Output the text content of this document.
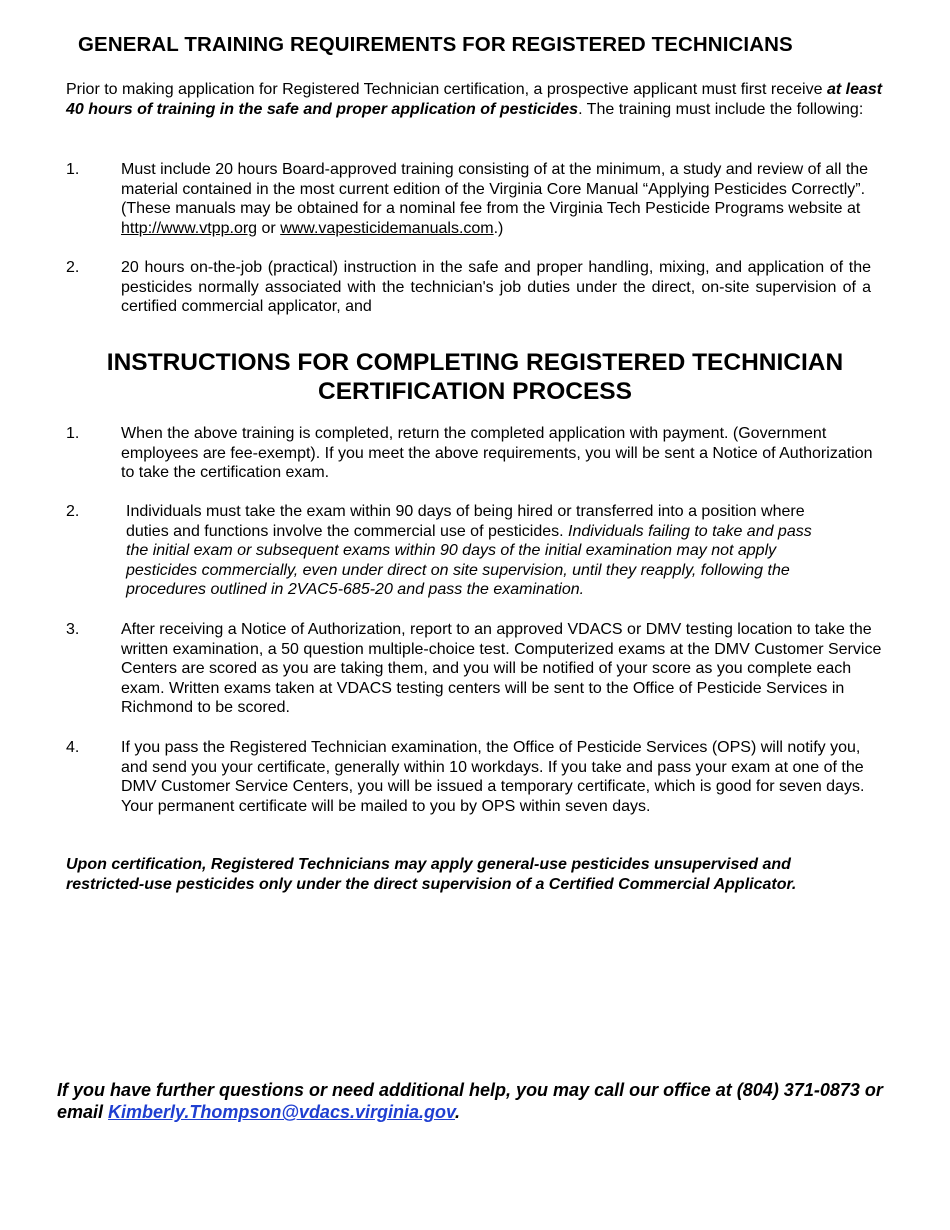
GENERAL TRAINING REQUIREMENTS FOR REGISTERED TECHNICIANS

Prior to making application for Registered Technician certification, a prospective applicant must first receive at least 40 hours of training in the safe and proper application of pesticides. The training must include the following:

1.	Must include 20 hours Board-approved training consisting of at the minimum, a study and review of all the material contained in the most current edition of the Virginia Core Manual “Applying Pesticides Correctly”. (These manuals may be obtained for a nominal fee from the Virginia Tech Pesticide Programs website at http://www.vtpp.org or www.vapesticidemanuals.com.)
2.	20 hours on-the-job (practical) instruction in the safe and proper handling, mixing, and application of the pesticides normally associated with the technician's job duties under the direct, on-site supervision of a certified commercial applicator, and
INSTRUCTIONS FOR COMPLETING REGISTERED TECHNICIAN
CERTIFICATION PROCESS
1.	When the above training is completed, return the completed application with payment. (Government employees are fee-exempt). If you meet the above requirements, you will be sent a Notice of Authorization to take the certification exam.
2.	Individuals must take the exam within 90 days of being hired or transferred into a position where duties and functions involve the commercial use of pesticides. Individuals failing to take and pass the initial exam or subsequent exams within 90 days of the initial examination may not apply pesticides commercially, even under direct on site supervision, until they reapply, following the procedures outlined in 2VAC5-685-20 and pass the examination.
3.	After receiving a Notice of Authorization, report to an approved VDACS or DMV testing location to take the written examination, a 50 question multiple-choice test. Computerized exams at the DMV Customer Service Centers are scored as you are taking them, and you will be notified of your score as you complete each exam. Written exams taken at VDACS testing centers will be sent to the Office of Pesticide Services in Richmond to be scored.
4.	If you pass the Registered Technician examination, the Office of Pesticide Services (OPS) will notify you, and send you your certificate, generally within 10 workdays. If you take and pass your exam at one of the DMV Customer Service Centers, you will be issued a temporary certificate, which is good for seven days. Your permanent certificate will be mailed to you by OPS within seven days.

Upon certification, Registered Technicians may apply general-use pesticides unsupervised and restricted-use pesticides only under the direct supervision of a Certified Commercial Applicator.

If you have further questions or need additional help, you may call our office at (804) 371-0873 or email Kimberly.Thompson@vdacs.virginia.gov.
